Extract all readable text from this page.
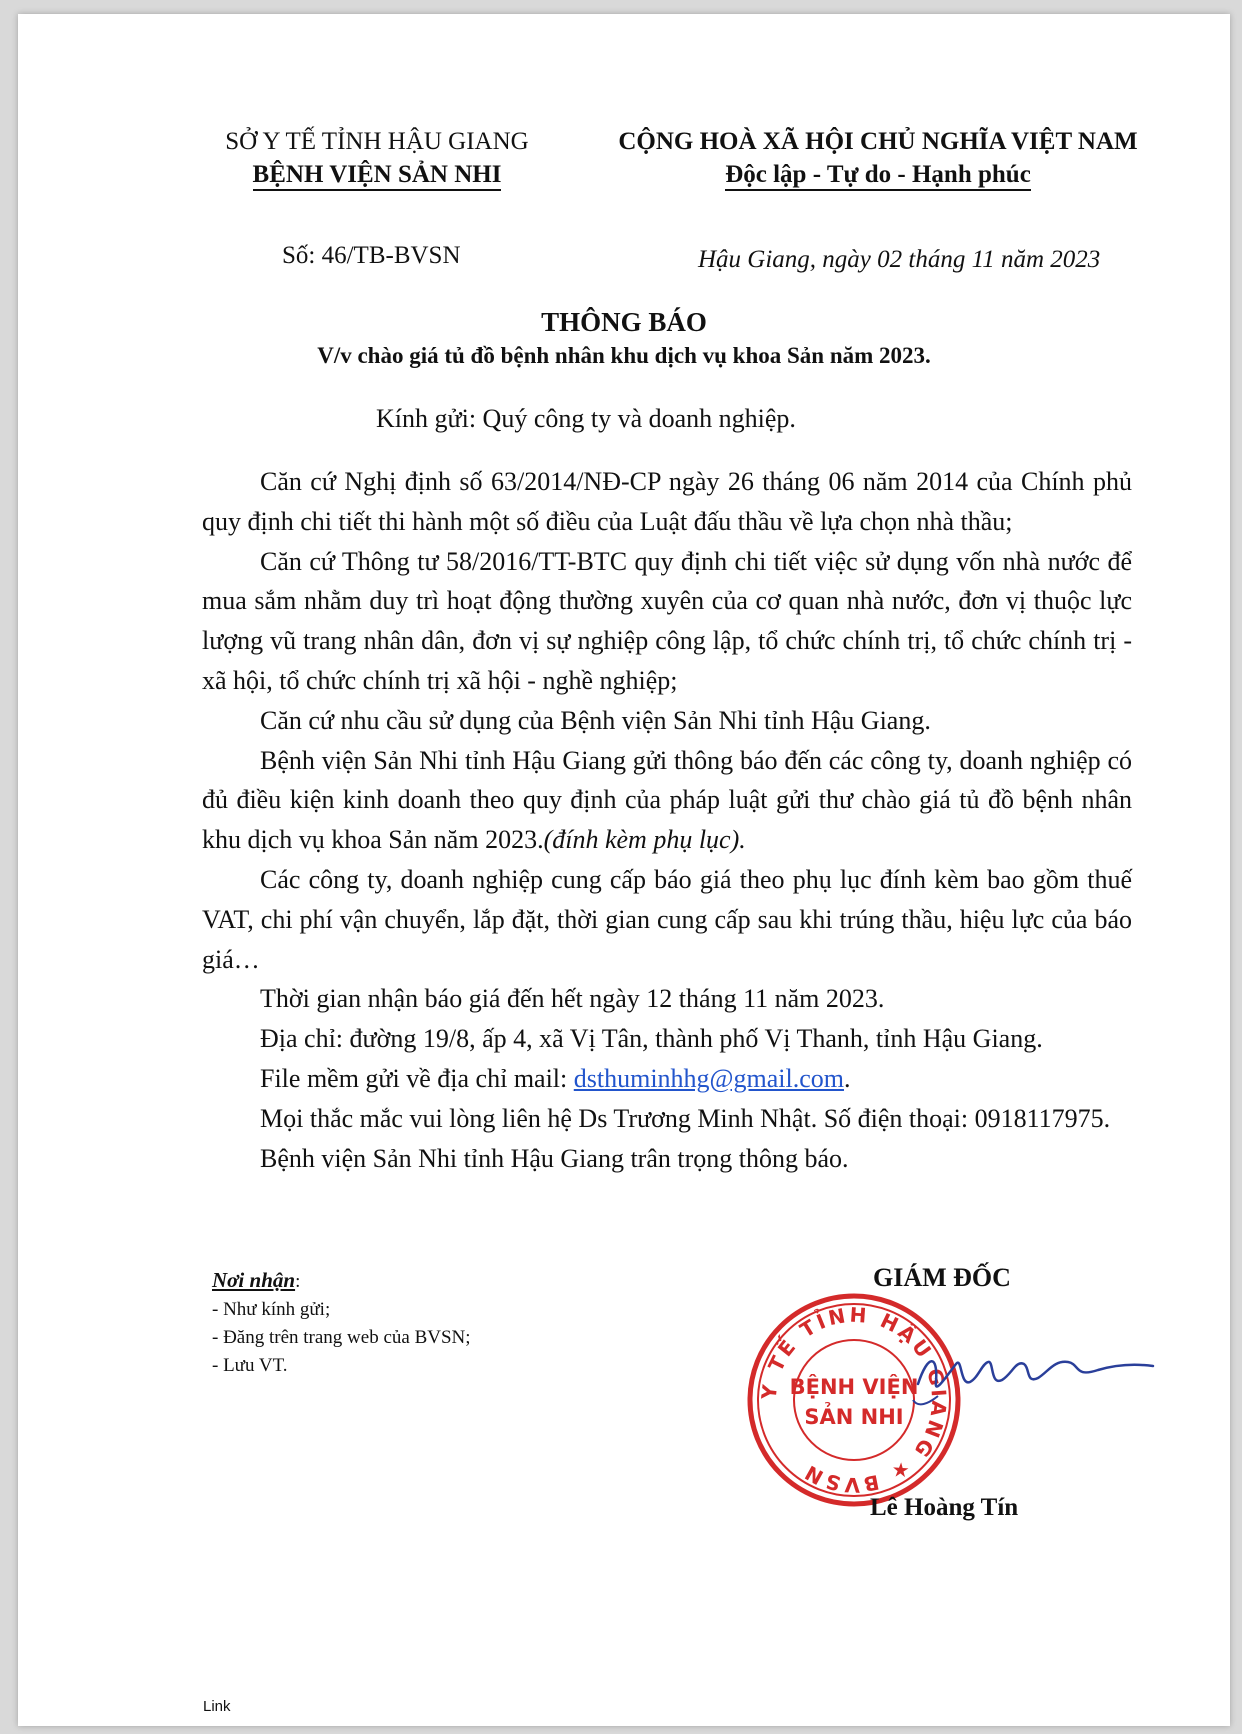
SỞ Y TẾ TỈNH HẬU GIANG
BỆNH VIỆN SẢN NHI
CỘNG HOÀ XÃ HỘI CHỦ NGHĨA VIỆT NAM
Độc lập - Tự do - Hạnh phúc
Số: 46/TB-BVSN	Hậu Giang, ngày 02 tháng 11 năm 2023
THÔNG BÁO
V/v chào giá tủ đồ bệnh nhân khu dịch vụ khoa Sản năm 2023.
Kính gửi: Quý công ty và doanh nghiệp.

Căn cứ Nghị định số 63/2014/NĐ-CP ngày 26 tháng 06 năm 2014 của Chính phủ quy định chi tiết thi hành một số điều của Luật đấu thầu về lựa chọn nhà thầu;

Căn cứ Thông tư 58/2016/TT-BTC quy định chi tiết việc sử dụng vốn nhà nước để mua sắm nhằm duy trì hoạt động thường xuyên của cơ quan nhà nước, đơn vị thuộc lực lượng vũ trang nhân dân, đơn vị sự nghiệp công lập, tổ chức chính trị, tổ chức chính trị - xã hội, tổ chức chính trị xã hội - nghề nghiệp;

Căn cứ nhu cầu sử dụng của Bệnh viện Sản Nhi tỉnh Hậu Giang.

Bệnh viện Sản Nhi tỉnh Hậu Giang gửi thông báo đến các công ty, doanh nghiệp có đủ điều kiện kinh doanh theo quy định của pháp luật gửi thư chào giá tủ đồ bệnh nhân khu dịch vụ khoa Sản năm 2023.(đính kèm phụ lục).

Các công ty, doanh nghiệp cung cấp báo giá theo phụ lục đính kèm bao gồm thuế VAT, chi phí vận chuyển, lắp đặt, thời gian cung cấp sau khi trúng thầu, hiệu lực của báo giá…

Thời gian nhận báo giá đến hết ngày 12 tháng 11 năm 2023.

Địa chỉ: đường 19/8, ấp 4, xã Vị Tân, thành phố Vị Thanh, tỉnh Hậu Giang.

File mềm gửi về địa chỉ mail: dsthuminhhg@gmail.com.

Mọi thắc mắc vui lòng liên hệ Ds Trương Minh Nhật. Số điện thoại: 0918117975.

Bệnh viện Sản Nhi tỉnh Hậu Giang trân trọng thông báo.

Nơi nhận:
- Như kính gửi;
- Đăng trên trang web của BVSN;
- Lưu VT.
GIÁM ĐỐC
Y TẾ TỈNH HẬU GIANG ★ BVSN
BỆNH VIỆN
SẢN NHI
Lê Hoàng Tín
Link
